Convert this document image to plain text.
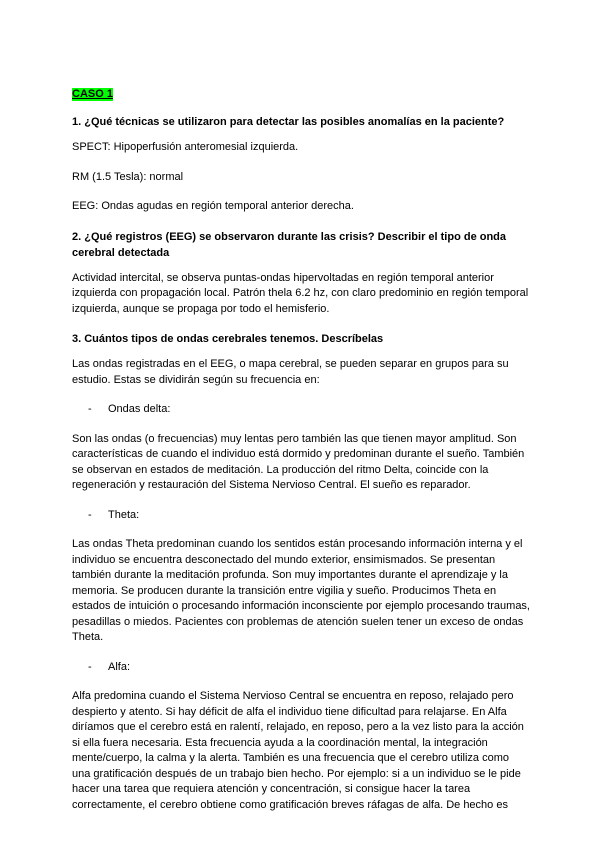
CASO 1
1. ¿Qué técnicas se utilizaron para detectar las posibles anomalías en la paciente?

SPECT: Hipoperfusión anteromesial izquierda.

RM (1.5 Tesla): normal

EEG: Ondas agudas en región temporal anterior derecha.

2. ¿Qué registros (EEG) se observaron durante las crisis? Describir el tipo de onda cerebral detectada

Actividad intercital, se observa puntas-ondas hipervoltadas en región temporal anterior izquierda con propagación local. Patrón thela 6.2 hz, con claro predominio en región temporal izquierda, aunque se propaga por todo el hemisferio.

3. Cuántos tipos de ondas cerebrales tenemos. Descríbelas

Las ondas registradas en el EEG, o mapa cerebral, se pueden separar en grupos para su estudio. Estas se dividirán según su frecuencia en:

-	Ondas delta:

Son las ondas (o frecuencias) muy lentas pero también las que tienen mayor amplitud. Son características de cuando el individuo está dormido y predominan durante el sueño. También se observan en estados de meditación. La producción del ritmo Delta, coincide con la regeneración y restauración del Sistema Nervioso Central. El sueño es reparador.

-	Theta:

Las ondas Theta predominan cuando los sentidos están procesando información interna y el individuo se encuentra desconectado del mundo exterior, ensimismados. Se presentan también durante la meditación profunda. Son muy importantes durante el aprendizaje y la memoria. Se producen durante la transición entre vigilia y sueño. Producimos Theta en estados de intuición o procesando información inconsciente por ejemplo procesando traumas, pesadillas o miedos. Pacientes con problemas de atención suelen tener un exceso de ondas Theta.

-	Alfa:

Alfa predomina cuando el Sistema Nervioso Central se encuentra en reposo, relajado pero despierto y atento. Si hay déficit de alfa el individuo tiene dificultad para relajarse. En Alfa diríamos que el cerebro está en ralentí, relajado, en reposo, pero a la vez listo para la acción si ella fuera necesaria. Esta frecuencia ayuda a la coordinación mental, la integración mente/cuerpo, la calma y la alerta. También es una frecuencia que el cerebro utiliza como una gratificación después de un trabajo bien hecho. Por ejemplo: si a un individuo se le pide hacer una tarea que requiera atención y concentración, si consigue hacer la tarea correctamente, el cerebro obtiene como gratificación breves ráfagas de alfa. De hecho es
